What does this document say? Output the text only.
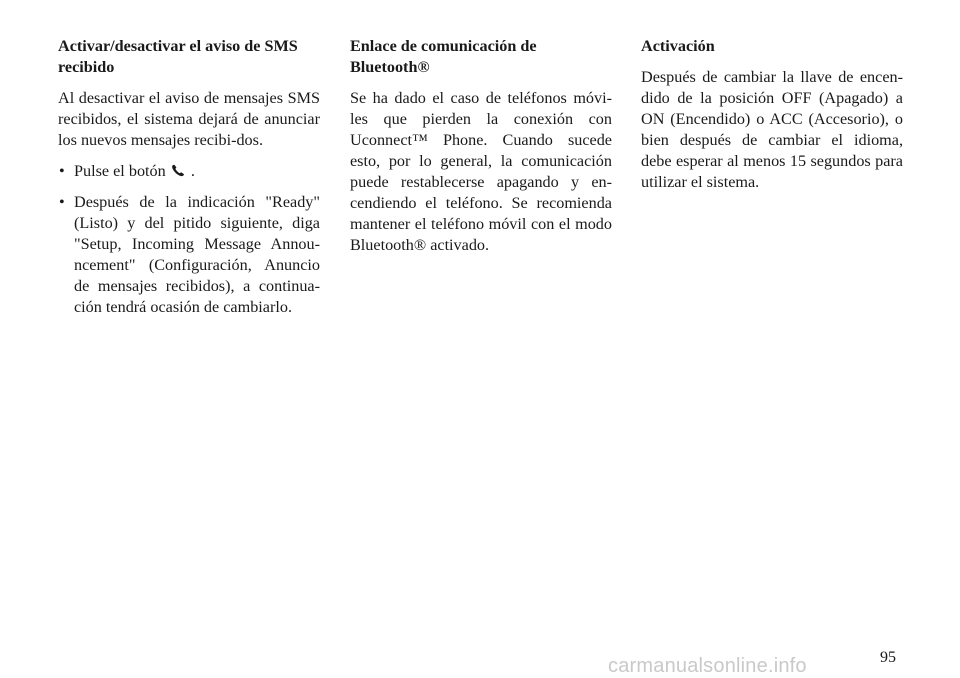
Activar/desactivar el aviso de SMS recibido

Al desactivar el aviso de mensajes SMS recibidos, el sistema dejará de anunciar los nuevos mensajes recibi-dos.

• Pulse el botón .
• Después de la indicación "Ready" (Listo) y del pitido siguiente, diga "Setup, Incoming Message Annou-ncement" (Configuración, Anuncio de mensajes recibidos), a continua-ción tendrá ocasión de cambiarlo.
Enlace de comunicación de Bluetooth®

Se ha dado el caso de teléfonos móvi-les que pierden la conexión con Uconnect™ Phone. Cuando sucede esto, por lo general, la comunicación puede restablecerse apagando y en-cendiendo el teléfono. Se recomienda mantener el teléfono móvil con el modo Bluetooth® activado.

Activación

Después de cambiar la llave de encen-dido de la posición OFF (Apagado) a ON (Encendido) o ACC (Accesorio), o bien después de cambiar el idioma, debe esperar al menos 15 segundos para utilizar el sistema.

95
carmanualsonline.info
